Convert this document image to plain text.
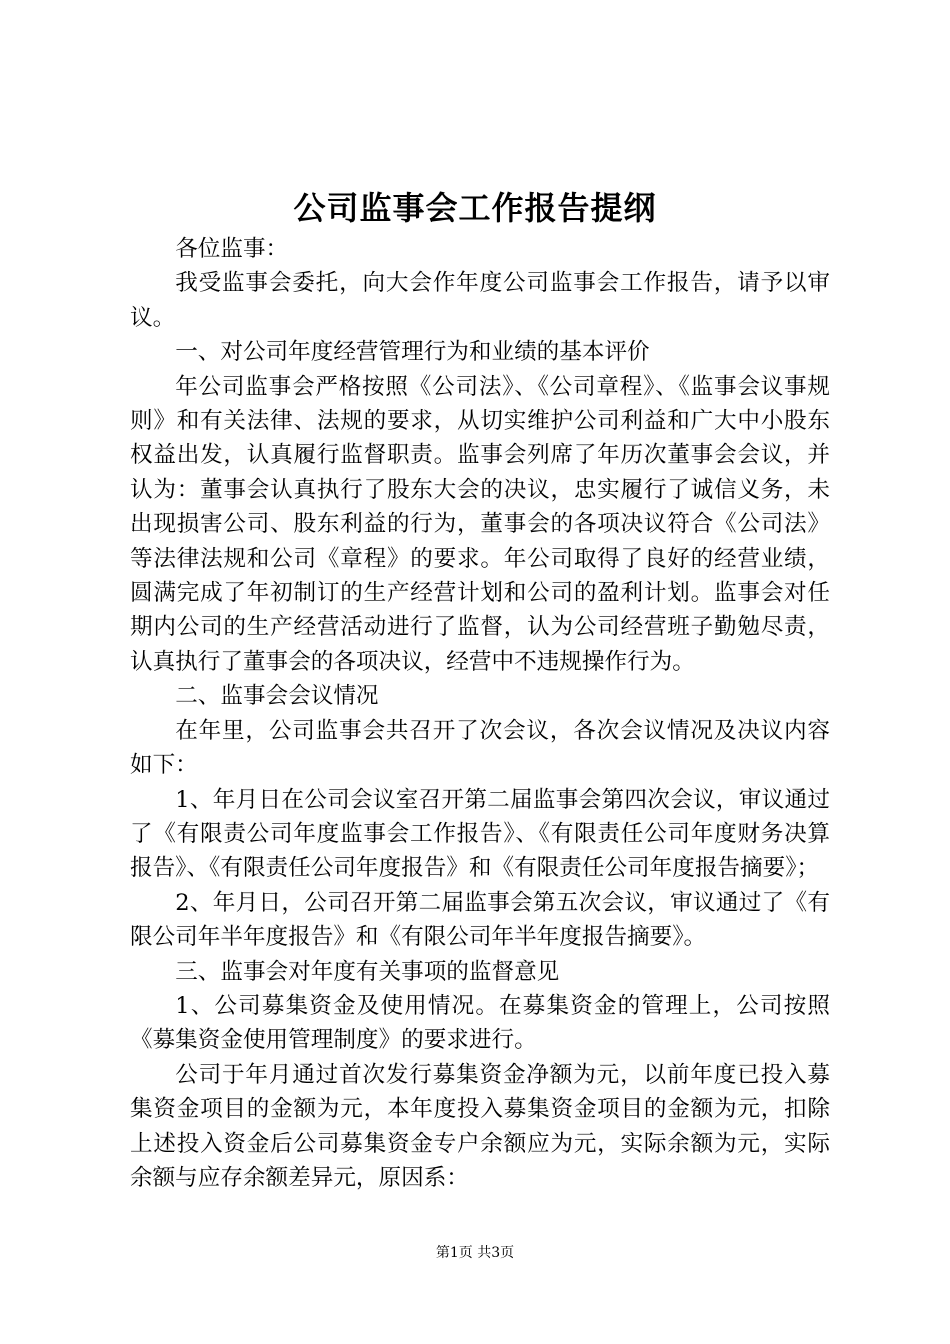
公司监事会工作报告提纲

各位监事：

我受监事会委托，向大会作年度公司监事会工作报告，请予以审议。

一、对公司年度经营管理行为和业绩的基本评价

年公司监事会严格按照《公司法》、《公司章程》、《监事会议事规则》和有关法律、法规的要求，从切实维护公司利益和广大中小股东权益出发，认真履行监督职责。监事会列席了年历次董事会会议，并认为：董事会认真执行了股东大会的决议，忠实履行了诚信义务，未出现损害公司、股东利益的行为，董事会的各项决议符合《公司法》等法律法规和公司《章程》的要求。年公司取得了良好的经营业绩，圆满完成了年初制订的生产经营计划和公司的盈利计划。监事会对任期内公司的生产经营活动进行了监督，认为公司经营班子勤勉尽责，认真执行了董事会的各项决议，经营中不违规操作行为。

二、监事会会议情况

在年里，公司监事会共召开了次会议，各次会议情况及决议内容如下：

1、年月日在公司会议室召开第二届监事会第四次会议，审议通过了《有限责公司年度监事会工作报告》、《有限责任公司年度财务决算报告》、《有限责任公司年度报告》和《有限责任公司年度报告摘要》；

2、年月日，公司召开第二届监事会第五次会议，审议通过了《有限公司年半年度报告》和《有限公司年半年度报告摘要》。

三、监事会对年度有关事项的监督意见

1、公司募集资金及使用情况。在募集资金的管理上，公司按照《募集资金使用管理制度》的要求进行。

公司于年月通过首次发行募集资金净额为元，以前年度已投入募集资金项目的金额为元，本年度投入募集资金项目的金额为元，扣除上述投入资金后公司募集资金专户余额应为元，实际余额为元，实际余额与应存余额差异元，原因系：

第1页 共3页
